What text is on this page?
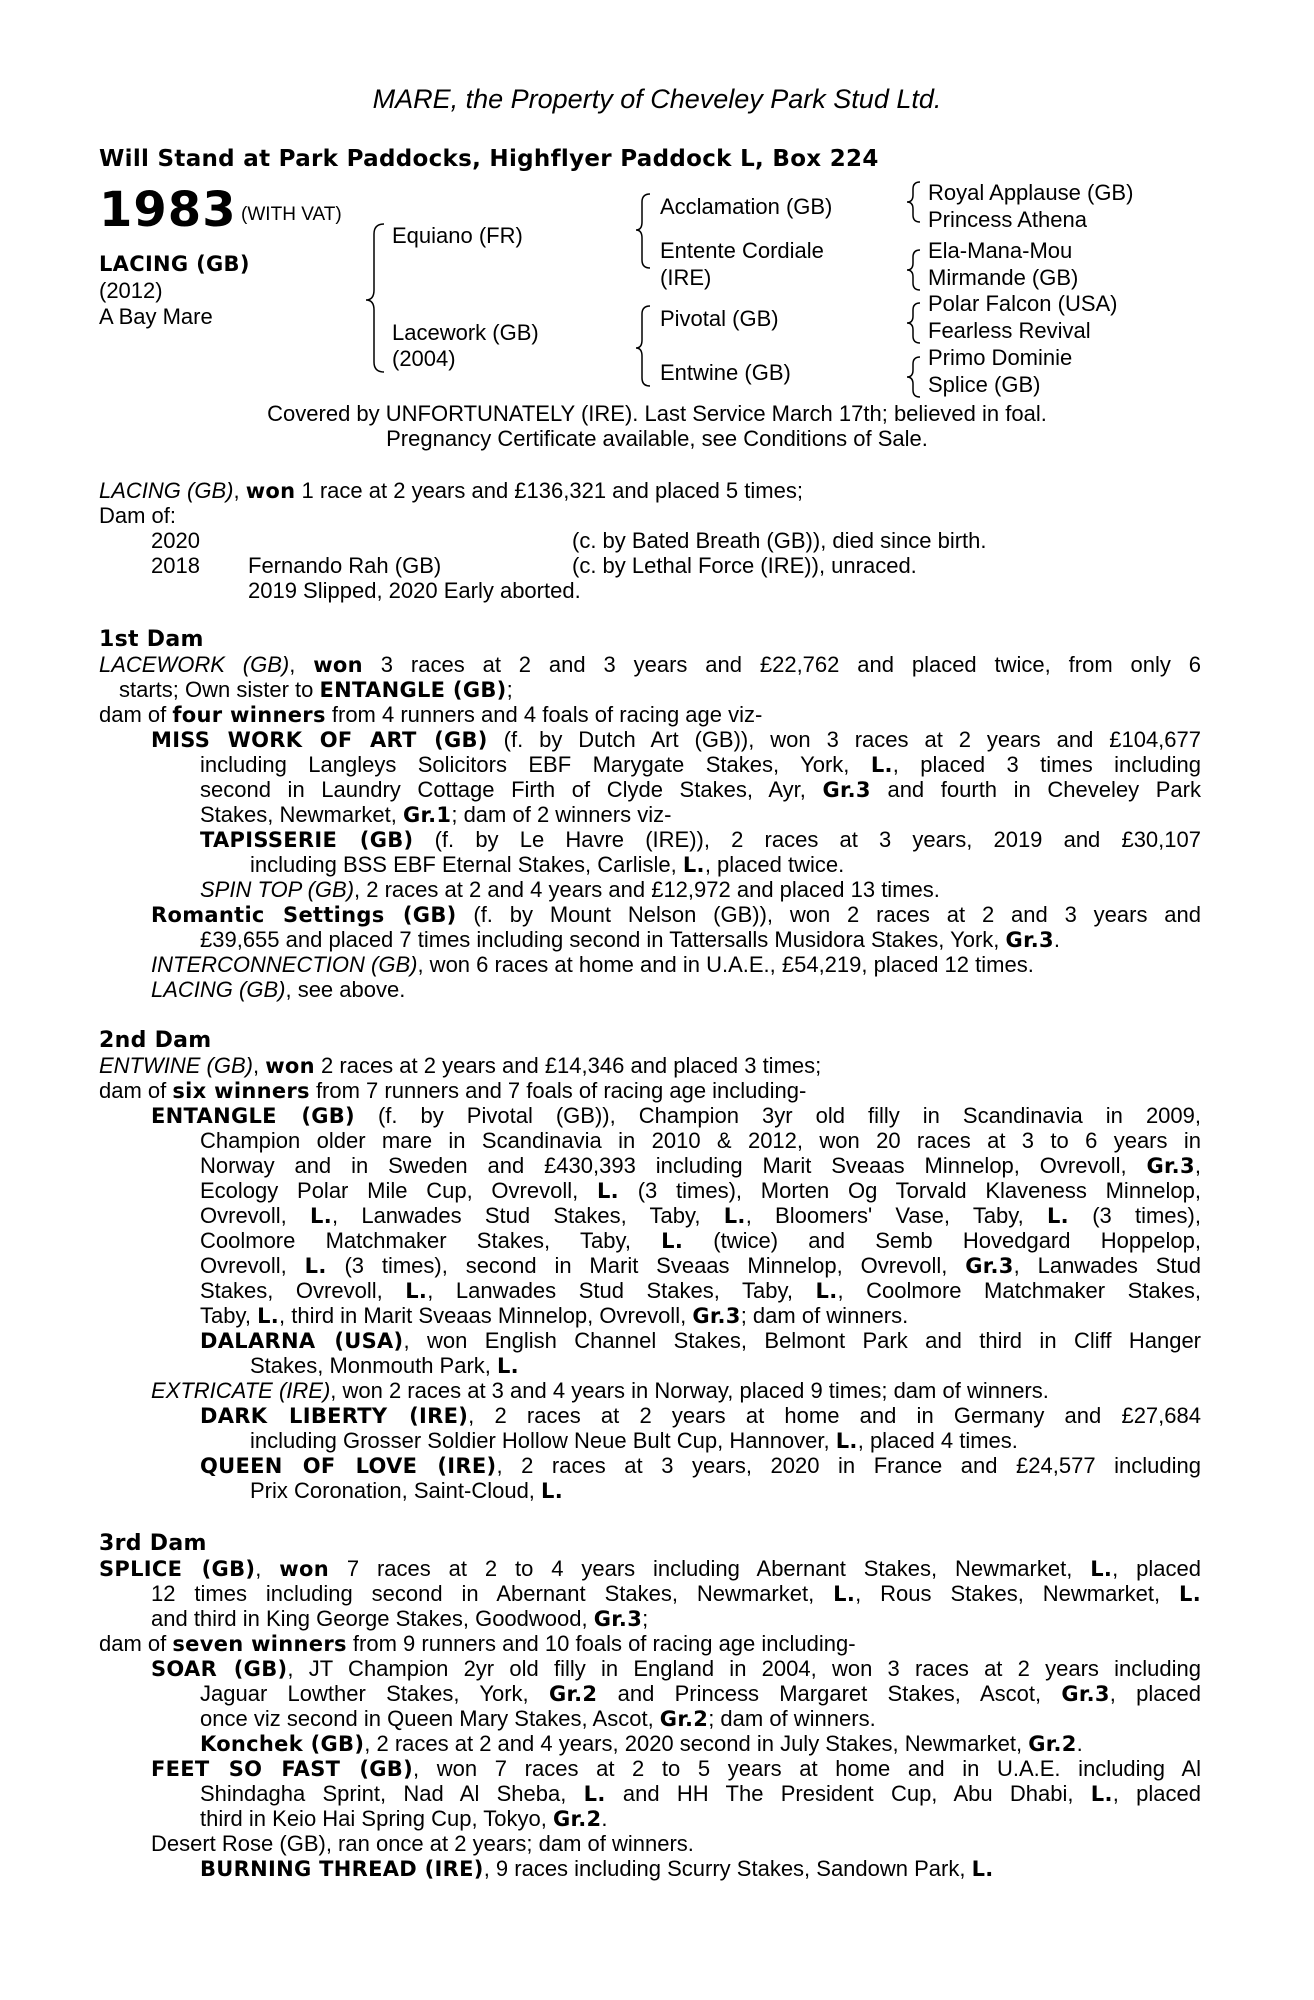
MARE, the Property of Cheveley Park Stud Ltd.
Will Stand at Park Paddocks, Highflyer Paddock L, Box 224
1983 (WITH VAT)
LACING (GB)
(2012)
A Bay Mare
Equiano (FR)
Lacework (GB)
(2004)
Acclamation (GB)
Entente Cordiale
(IRE)
Pivotal (GB)
Entwine (GB)
Royal Applause (GB)
Princess Athena
Ela-Mana-Mou
Mirmande (GB)
Polar Falcon (USA)
Fearless Revival
Primo Dominie
Splice (GB)
Covered by UNFORTUNATELY (IRE). Last Service March 17th; believed in foal.
Pregnancy Certificate available, see Conditions of Sale.
LACING (GB), won 1 race at 2 years and £136,321 and placed 5 times;
Dam of:
2020	(c. by Bated Breath (GB)), died since birth.
2018 Fernando Rah (GB)	(c. by Lethal Force (IRE)), unraced.
2019 Slipped, 2020 Early aborted.
1st Dam
LACEWORK (GB), won 3 races at 2 and 3 years and £22,762 and placed twice, from only 6
starts; Own sister to ENTANGLE (GB);
dam of four winners from 4 runners and 4 foals of racing age viz-
MISS WORK OF ART (GB) (f. by Dutch Art (GB)), won 3 races at 2 years and £104,677
including Langleys Solicitors EBF Marygate Stakes, York, L., placed 3 times including
second in Laundry Cottage Firth of Clyde Stakes, Ayr, Gr.3 and fourth in Cheveley Park
Stakes, Newmarket, Gr.1; dam of 2 winners viz-
TAPISSERIE (GB) (f. by Le Havre (IRE)), 2 races at 3 years, 2019 and £30,107
including BSS EBF Eternal Stakes, Carlisle, L., placed twice.
SPIN TOP (GB), 2 races at 2 and 4 years and £12,972 and placed 13 times.
Romantic Settings (GB) (f. by Mount Nelson (GB)), won 2 races at 2 and 3 years and
£39,655 and placed 7 times including second in Tattersalls Musidora Stakes, York, Gr.3.
INTERCONNECTION (GB), won 6 races at home and in U.A.E., £54,219, placed 12 times.
LACING (GB), see above.
2nd Dam
ENTWINE (GB), won 2 races at 2 years and £14,346 and placed 3 times;
dam of six winners from 7 runners and 7 foals of racing age including-
ENTANGLE (GB) (f. by Pivotal (GB)), Champion 3yr old filly in Scandinavia in 2009,
Champion older mare in Scandinavia in 2010 & 2012, won 20 races at 3 to 6 years in
Norway and in Sweden and £430,393 including Marit Sveaas Minnelop, Ovrevoll, Gr.3,
Ecology Polar Mile Cup, Ovrevoll, L. (3 times), Morten Og Torvald Klaveness Minnelop,
Ovrevoll, L., Lanwades Stud Stakes, Taby, L., Bloomers' Vase, Taby, L. (3 times),
Coolmore Matchmaker Stakes, Taby, L. (twice) and Semb Hovedgard Hoppelop,
Ovrevoll, L. (3 times), second in Marit Sveaas Minnelop, Ovrevoll, Gr.3, Lanwades Stud
Stakes, Ovrevoll, L., Lanwades Stud Stakes, Taby, L., Coolmore Matchmaker Stakes,
Taby, L., third in Marit Sveaas Minnelop, Ovrevoll, Gr.3; dam of winners.
DALARNA (USA), won English Channel Stakes, Belmont Park and third in Cliff Hanger
Stakes, Monmouth Park, L.
EXTRICATE (IRE), won 2 races at 3 and 4 years in Norway, placed 9 times; dam of winners.
DARK LIBERTY (IRE), 2 races at 2 years at home and in Germany and £27,684
including Grosser Soldier Hollow Neue Bult Cup, Hannover, L., placed 4 times.
QUEEN OF LOVE (IRE), 2 races at 3 years, 2020 in France and £24,577 including
Prix Coronation, Saint-Cloud, L.
3rd Dam
SPLICE (GB), won 7 races at 2 to 4 years including Abernant Stakes, Newmarket, L., placed
12 times including second in Abernant Stakes, Newmarket, L., Rous Stakes, Newmarket, L.
and third in King George Stakes, Goodwood, Gr.3;
dam of seven winners from 9 runners and 10 foals of racing age including-
SOAR (GB), JT Champion 2yr old filly in England in 2004, won 3 races at 2 years including
Jaguar Lowther Stakes, York, Gr.2 and Princess Margaret Stakes, Ascot, Gr.3, placed
once viz second in Queen Mary Stakes, Ascot, Gr.2; dam of winners.
Konchek (GB), 2 races at 2 and 4 years, 2020 second in July Stakes, Newmarket, Gr.2.
FEET SO FAST (GB), won 7 races at 2 to 5 years at home and in U.A.E. including Al
Shindagha Sprint, Nad Al Sheba, L. and HH The President Cup, Abu Dhabi, L., placed
third in Keio Hai Spring Cup, Tokyo, Gr.2.
Desert Rose (GB), ran once at 2 years; dam of winners.
BURNING THREAD (IRE), 9 races including Scurry Stakes, Sandown Park, L.
